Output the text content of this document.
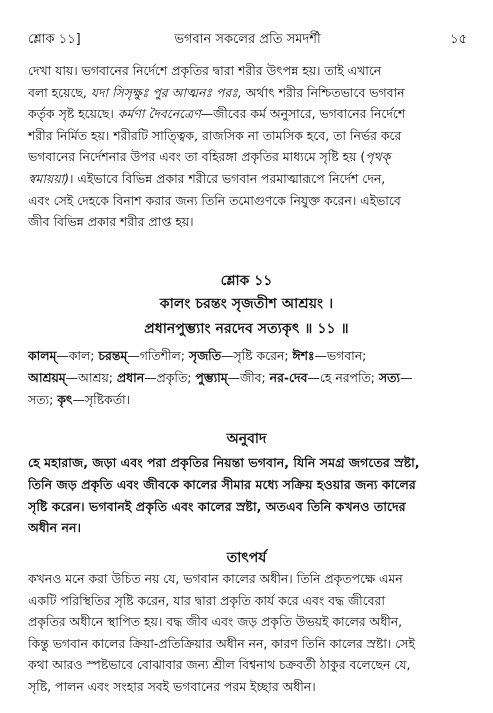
শ্লোক ১১]	ভগবান সকলের প্রতি সমদর্শী	১৫
দেখা যায়। ভগবানের নির্দেশে প্রকৃতির দ্বারা শরীর উৎপন্ন হয়। তাই এখানে
বলা হয়েছে, যদা সিসৃক্ষুঃ পুর আত্মনঃ পরঃ, অর্থাৎ শরীর নিশ্চিতভাবে ভগবান
কর্তৃক সৃষ্ট হয়েছে। কর্মণা দৈবনেত্রেণ—জীবের কর্ম অনুসারে, ভগবানের নির্দেশে
শরীর নির্মিত হয়। শরীরটি সাত্ত্বিক, রাজসিক না তামসিক হবে, তা নির্ভর করে
ভগবানের নির্দেশনার উপর এবং তা বহিরঙ্গা প্রকৃতির মাধ্যমে সৃষ্টি হয় (পৃথক্
স্বমায়য়া)। এইভাবে বিভিন্ন প্রকার শরীরে ভগবান পরমাত্মারূপে নির্দেশ দেন,
এবং সেই দেহকে বিনাশ করার জন্য তিনি তমোগুণকে নিযুক্ত করেন। এইভাবে
জীব বিভিন্ন প্রকার শরীর প্রাপ্ত হয়।
শ্লোক ১১
কালং চরন্তং সৃজতীশ আশ্রয়ং ।
প্রধানপুম্ভ্যাং নরদেব সত্যকৃৎ ॥ ১১ ॥
কালম্—কাল; চরন্তম্—গতিশীল; সৃজতি—সৃষ্টি করেন; ঈশঃ—ভগবান;
আশ্রয়ম্—আশ্রয়; প্রধান—প্রকৃতি; পুম্ভ্যাম্—জীব; নর-দেব—হে নরপতি; সত্য—
সত্য; কৃৎ—সৃষ্টিকর্তা।
অনুবাদ
হে মহারাজ, জড়া এবং পরা প্রকৃতির নিয়ন্তা ভগবান, যিনি সমগ্র জগতের স্রষ্টা,
তিনি জড় প্রকৃতি এবং জীবকে কালের সীমার মধ্যে সক্রিয় হওয়ার জন্য কালের
সৃষ্টি করেন। ভগবানই প্রকৃতি এবং কালের স্রষ্টা, অতএব তিনি কখনও তাদের
অধীন নন।
তাৎপর্য
কখনও মনে করা উচিত নয় যে, ভগবান কালের অধীন। তিনি প্রকৃতপক্ষে এমন
একটি পরিস্থিতির সৃষ্টি করেন, যার দ্বারা প্রকৃতি কার্য করে এবং বদ্ধ জীবেরা
প্রকৃতির অধীনে স্থাপিত হয়। বদ্ধ জীব এবং জড় প্রকৃতি উভয়ই কালের অধীন,
কিন্তু ভগবান কালের ক্রিয়া-প্রতিক্রিয়ার অধীন নন, কারণ তিনি কালের স্রষ্টা। সেই
কথা আরও স্পষ্টভাবে বোঝাবার জন্য শ্রীল বিশ্বনাথ চক্রবর্তী ঠাকুর বলেছেন যে,
সৃষ্টি, পালন এবং সংহার সবই ভগবানের পরম ইচ্ছার অধীন।
